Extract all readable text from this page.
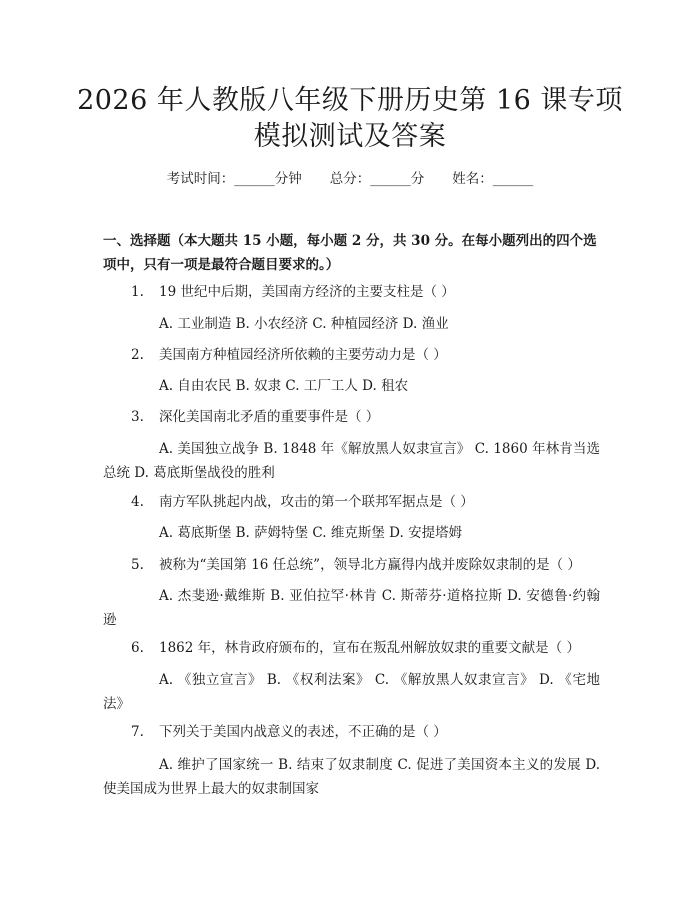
2026 年人教版八年级下册历史第 16 课专项
模拟测试及答案
考试时间：______分钟 总分：______分 姓名：______

一、选择题（本大题共 15 小题，每小题 2 分，共 30 分。在每小题列出的四个选项中，只有一项是最符合题目要求的。）

1. 19 世纪中后期，美国南方经济的主要支柱是（ ）
A. 工业制造 B. 小农经济 C. 种植园经济 D. 渔业
2. 美国南方种植园经济所依赖的主要劳动力是（ ）
A. 自由农民 B. 奴隶 C. 工厂工人 D. 租农
3. 深化美国南北矛盾的重要事件是（ ）
A. 美国独立战争 B. 1848 年《解放黑人奴隶宣言》 C. 1860 年林肯当选总统 D. 葛底斯堡战役的胜利
4. 南方军队挑起内战，攻击的第一个联邦军据点是（ ）
A. 葛底斯堡 B. 萨姆特堡 C. 维克斯堡 D. 安提塔姆
5. 被称为“美国第 16 任总统”，领导北方赢得内战并废除奴隶制的是（ ）
A. 杰斐逊·戴维斯 B. 亚伯拉罕·林肯 C. 斯蒂芬·道格拉斯 D. 安德鲁·约翰逊
6. 1862 年，林肯政府颁布的，宣布在叛乱州解放奴隶的重要文献是（ ）
A. 《独立宣言》 B. 《权利法案》 C. 《解放黑人奴隶宣言》 D. 《宅地法》
7. 下列关于美国内战意义的表述，不正确的是（ ）
A. 维护了国家统一 B. 结束了奴隶制度 C. 促进了美国资本主义的发展 D. 使美国成为世界上最大的奴隶制国家
